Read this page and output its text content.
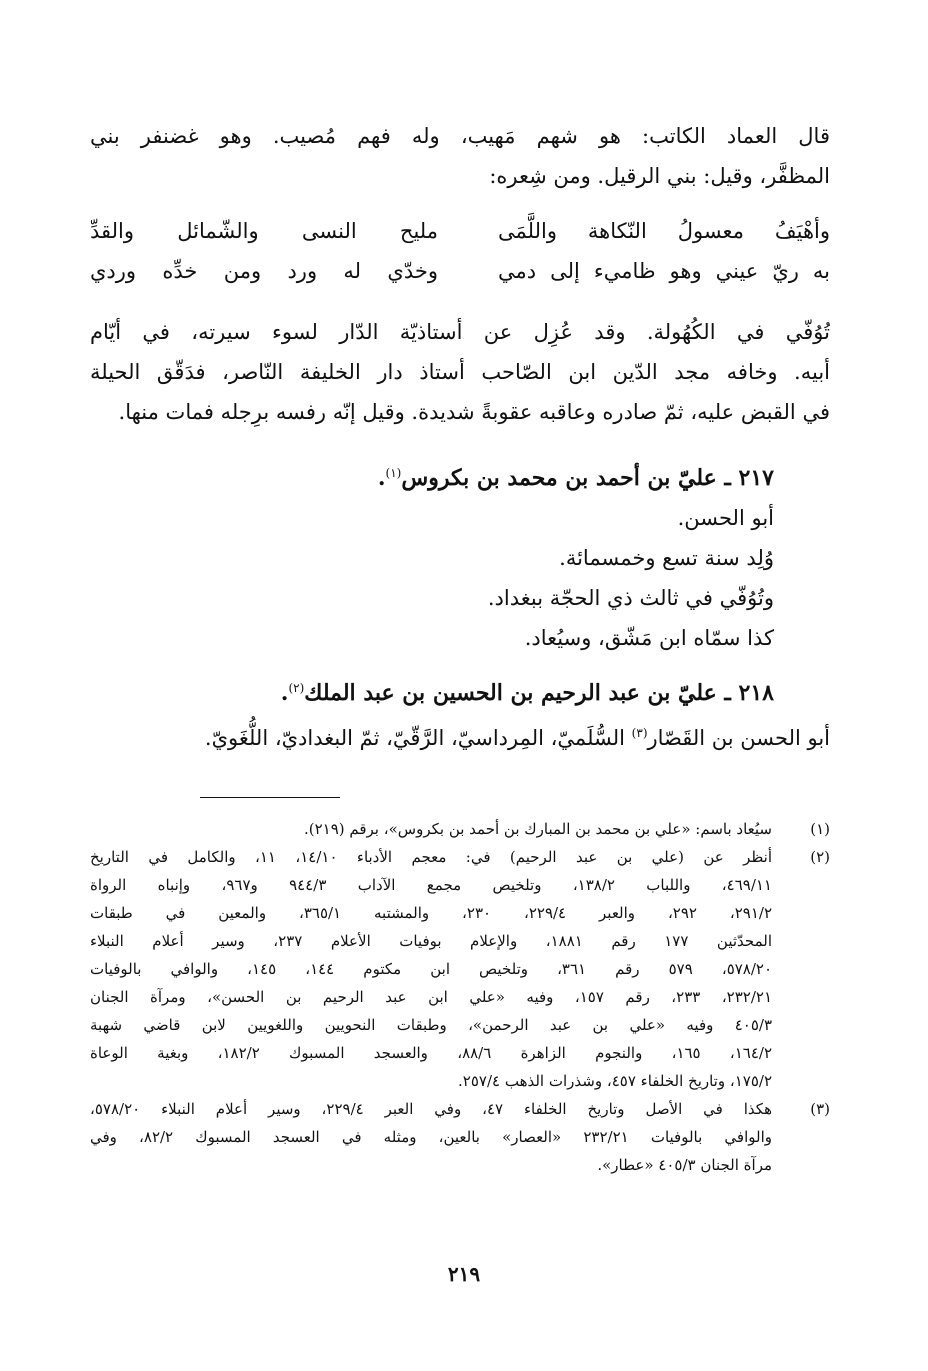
قال العماد الكاتب: هو شهم مَهيب، وله فهم مُصيب. وهو غضنفر بني
المظفَّر، وقيل: بني الرقيل. ومن شِعره:
وأهْيَفُ معسولُ النّكاهة واللَّمَى
مليح النسى والشّمائل والقدِّ
به ريّ عيني وهو ظاميء إلى دمي
وخدّي له ورد ومن خدِّه وردي
تُوُفّي في الكُهُولة. وقد عُزِل عن أستاذيّة الدّار لسوء سيرته، في أيّام
أبيه. وخافه مجد الدّين ابن الصّاحب أستاذ دار الخليفة النّاصر، فدَقّق الحيلة
في القبض عليه، ثمّ صادره وعاقبه عقوبةً شديدة. وقيل إنّه رفسه برِجله فمات منها.
٢١٧ ـ عليّ بن أحمد بن محمد بن بكروس$^{(١)}$.
أبو الحسن.
وُلِد سنة تسع وخمسمائة.
وتُوُفّي في ثالث ذي الحجّة ببغداد.
كذا سمّاه ابن مَشّق، وسيُعاد.
٢١٨ ـ عليّ بن عبد الرحيم بن الحسين بن عبد الملك$^{(٢)}$.
أبو الحسن بن القَصّار$^{(٣)}$ السُّلَميّ، المِرداسيّ، الرَّقّيّ، ثمّ البغداديّ، اللُّغَويّ.
(١)
سيُعاد باسم: «علي بن محمد بن المبارك بن أحمد بن بكروس»، برقم (٢١٩).
(٢)
أنظر عن (علي بن عبد الرحيم) في: معجم الأدباء ١٤/١٠، ١١، والكامل في التاريخ
٤٦٩/١١، واللباب ١٣٨/٢، وتلخيص مجمع الآداب ٩٤٤/٣ و٩٦٧، وإنباه الرواة
٢٩١/٢، ٢٩٢، والعبر ٢٢٩/٤، ٢٣٠، والمشتبه ٣٦٥/١، والمعين في طبقات
المحدّثين ١٧٧ رقم ١٨٨١، والإعلام بوفيات الأعلام ٢٣٧، وسير أعلام النبلاء
٥٧٨/٢٠، ٥٧٩ رقم ٣٦١، وتلخيص ابن مكتوم ١٤٤، ١٤٥، والوافي بالوفيات
٢٣٢/٢١، ٢٣٣، رقم ١٥٧، وفيه «علي ابن عبد الرحيم بن الحسن»، ومرآة الجنان
٤٠٥/٣ وفيه «علي بن عبد الرحمن»، وطبقات النحويين واللغويين لابن قاضي شهبة
١٦٤/٢، ١٦٥، والنجوم الزاهرة ٨٨/٦، والعسجد المسبوك ١٨٢/٢، وبغية الوعاة
١٧٥/٢، وتاريخ الخلفاء ٤٥٧، وشذرات الذهب ٢٥٧/٤.
(٣)
هكذا في الأصل وتاريخ الخلفاء ٤٧، وفي العبر ٢٢٩/٤، وسير أعلام النبلاء ٥٧٨/٢٠،
والوافي بالوفيات ٢٣٢/٢١ «العصار» بالعين، ومثله في العسجد المسبوك ٨٢/٢، وفي
مرآة الجنان ٤٠٥/٣ «عطار».
٢١٩
